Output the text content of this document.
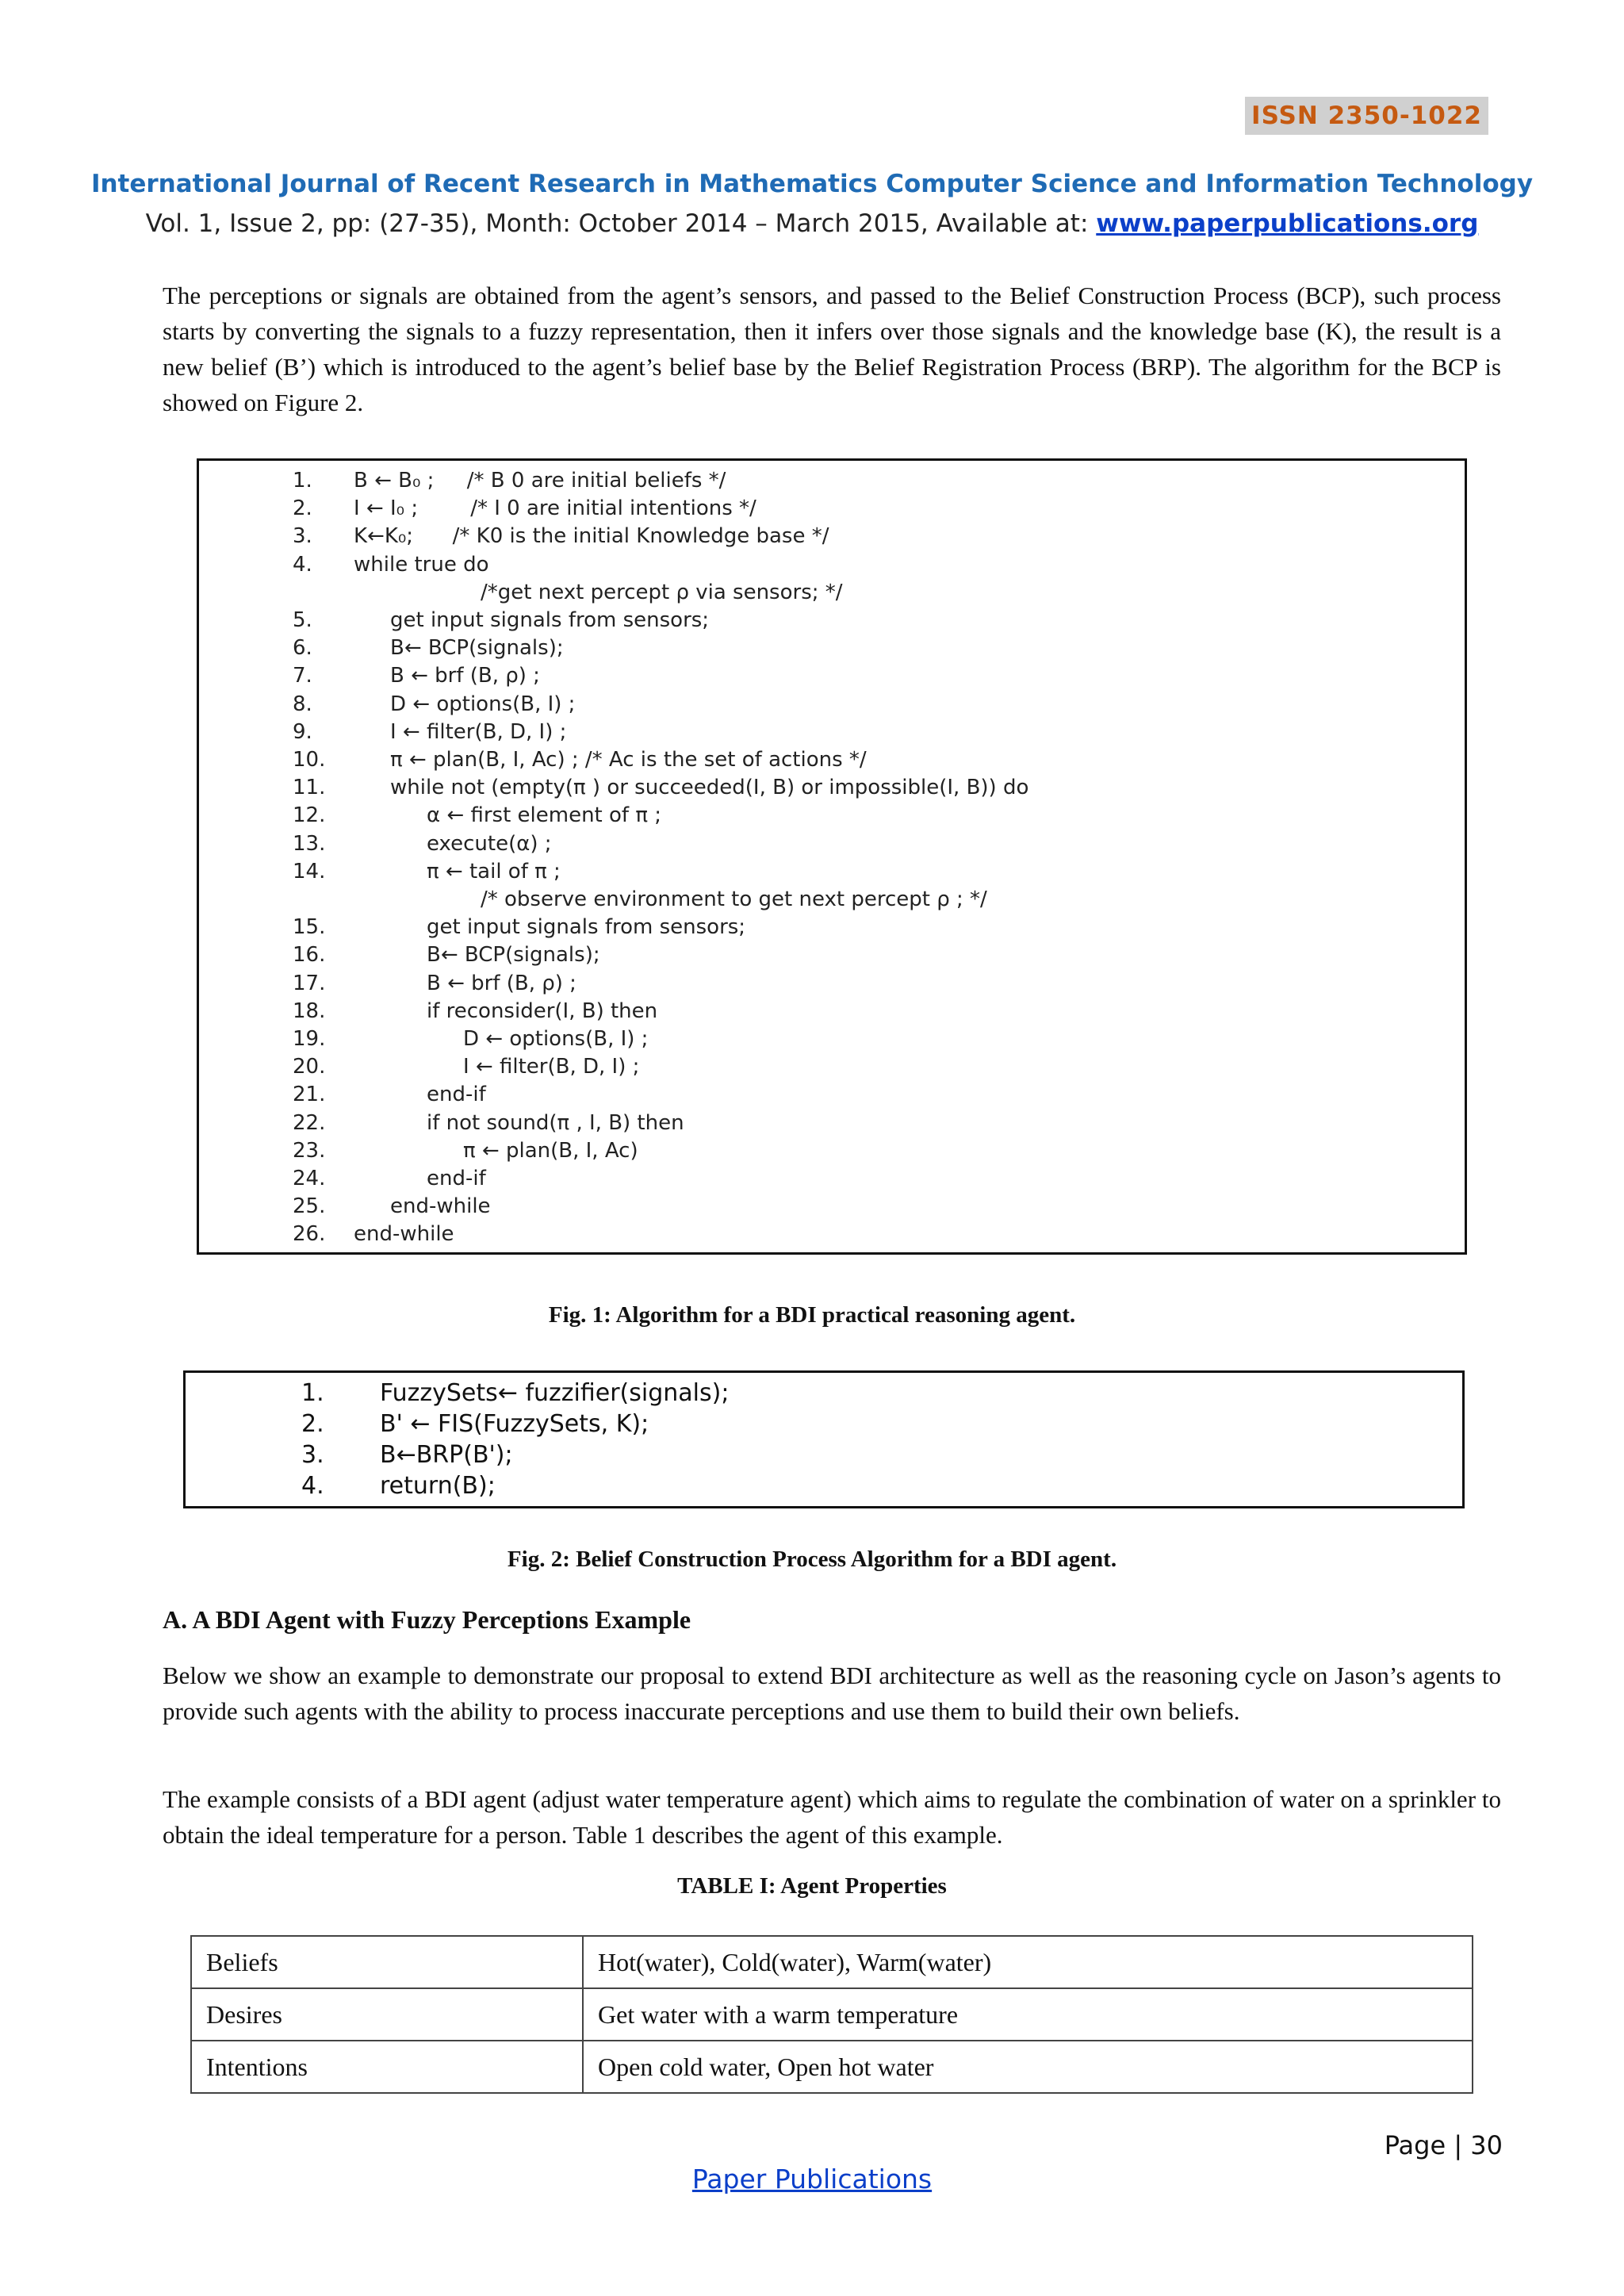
ISSN 2350-1022
International Journal of Recent Research in Mathematics Computer Science and Information Technology
Vol. 1, Issue 2, pp: (27-35), Month: October 2014 – March 2015, Available at: www.paperpublications.org
The perceptions or signals are obtained from the agent’s sensors, and passed to the Belief Construction Process (BCP), such process starts by converting the signals to a fuzzy representation, then it infers over those signals and the knowledge base (K), the result is a new belief (B’) which is introduced to the agent’s belief base by the Belief Registration Process (BRP). The algorithm for the BCP is showed on Figure 2.
1. B ← B₀ ;     /* B 0 are initial beliefs */
2. I ← I₀ ;        /* I 0 are initial intentions */
3. K←K₀;      /* K0 is the initial Knowledge base */
4. while true do
/*get next percept ρ via sensors; */
5.	get input signals from sensors;
6.	B← BCP(signals);
7.	B ← brf (B, ρ) ;
8.	D ← options(B, I) ;
9.	I ← filter(B, D, I) ;
10.	π ← plan(B, I, Ac) ; /* Ac is the set of actions */
11.	while not (empty(π ) or succeeded(I, B) or impossible(I, B)) do
12.	α ← first element of π ;
13.	execute(α) ;
14.	π ← tail of π ;
/* observe environment to get next percept ρ ; */
15.	get input signals from sensors;
16.	B← BCP(signals);
17.	B ← brf (B, ρ) ;
18.	if reconsider(I, B) then
19.	D ← options(B, I) ;
20.	I ← filter(B, D, I) ;
21.	end-if
22.	if not sound(π , I, B) then
23.	π ← plan(B, I, Ac)
24.	end-if
25.	end-while
26. end-while
Fig. 1: Algorithm for a BDI practical reasoning agent.
1. FuzzySets← fuzzifier(signals);
2. B' ← FIS(FuzzySets, K);
3. B←BRP(B');
4. return(B);
Fig. 2: Belief Construction Process Algorithm for a BDI agent.
A. A BDI Agent with Fuzzy Perceptions Example
Below we show an example to demonstrate our proposal to extend BDI architecture as well as the reasoning cycle on Jason’s agents to provide such agents with the ability to process inaccurate perceptions and use them to build their own beliefs.
The example consists of a BDI agent (adjust water temperature agent) which aims to regulate the combination of water on a sprinkler to obtain the ideal temperature for a person. Table 1 describes the agent of this example.
TABLE I: Agent Properties
Beliefs	Hot(water), Cold(water), Warm(water)
Desires	Get water with a warm temperature
Intentions	Open cold water, Open hot water
Page | 30
Paper Publications
